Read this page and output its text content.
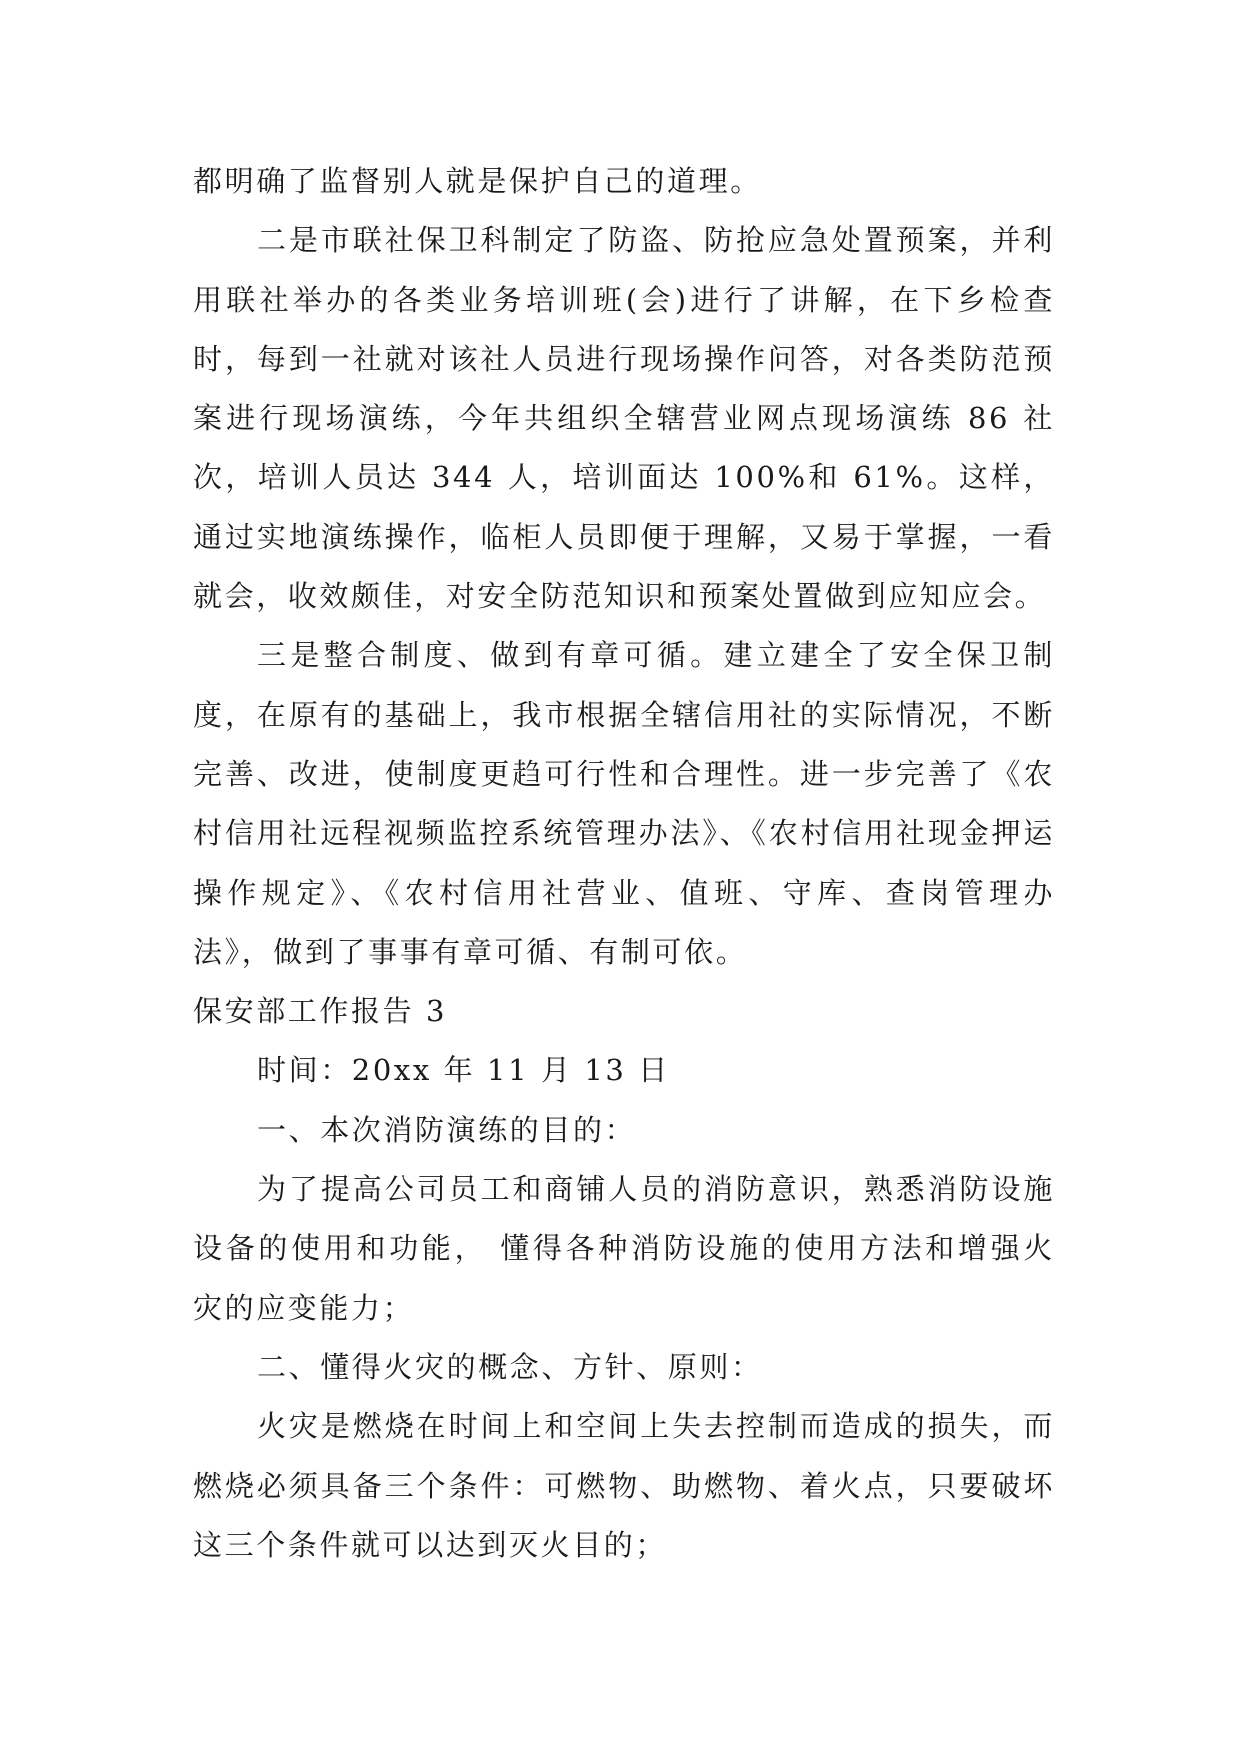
都明确了监督别人就是保护自己的道理。

二是市联社保卫科制定了防盗、防抢应急处置预案，并利用联社举办的各类业务培训班(会)进行了讲解，在下乡检查时，每到一社就对该社人员进行现场操作问答，对各类防范预案进行现场演练，今年共组织全辖营业网点现场演练 86 社次，培训人员达 344 人，培训面达 100%和 61%。这样，通过实地演练操作，临柜人员即便于理解，又易于掌握，一看就会，收效颇佳，对安全防范知识和预案处置做到应知应会。

三是整合制度、做到有章可循。建立建全了安全保卫制度，在原有的基础上，我市根据全辖信用社的实际情况，不断完善、改进，使制度更趋可行性和合理性。进一步完善了《农村信用社远程视频监控系统管理办法》、《农村信用社现金押运操作规定》、《农村信用社营业、值班、守库、查岗管理办法》，做到了事事有章可循、有制可依。

保安部工作报告 3

时间：20xx 年 11 月 13 日

一、本次消防演练的目的：

为了提高公司员工和商铺人员的消防意识，熟悉消防设施设备的使用和功能， 懂得各种消防设施的使用方法和增强火灾的应变能力；

二、懂得火灾的概念、方针、原则：

火灾是燃烧在时间上和空间上失去控制而造成的损失，而燃烧必须具备三个条件：可燃物、助燃物、着火点，只要破坏这三个条件就可以达到灭火目的；
